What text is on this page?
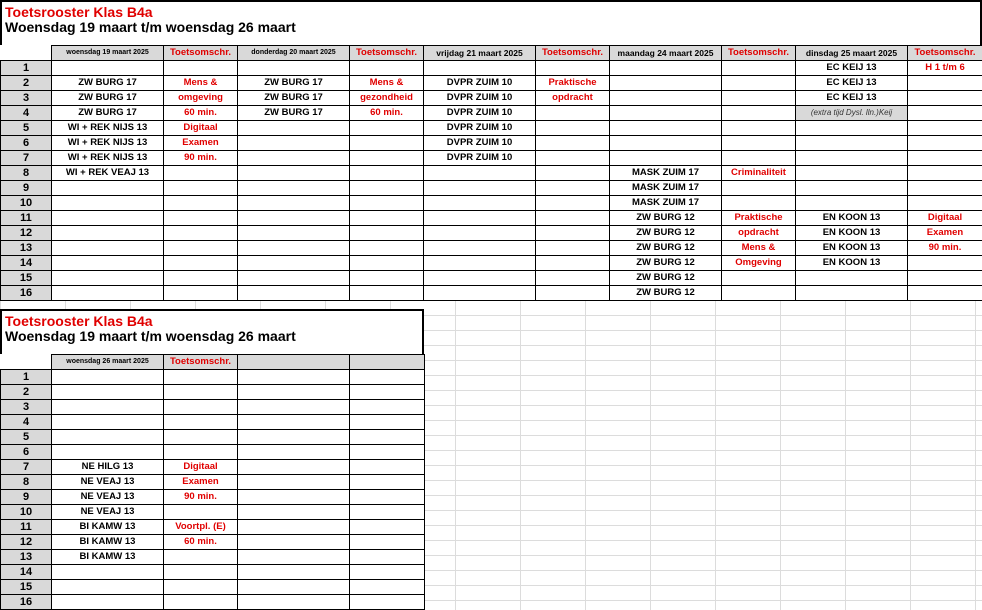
Toetsrooster Klas B4a
Woensdag 19 maart t/m woensdag 26 maart
	woensdag 19 maart 2025	Toetsomschr.	donderdag 20 maart 2025	Toetsomschr.	vrijdag 21 maart 2025	Toetsomschr.	maandag 24 maart 2025	Toetsomschr.	dinsdag 25 maart 2025	Toetsomschr.
1									EC KEIJ 13	H 1 t/m 6
2	ZW BURG 17	Mens &	ZW BURG 17	Mens &	DVPR ZUIM 10	Praktische			EC KEIJ 13	
3	ZW BURG 17	omgeving	ZW BURG 17	gezondheid	DVPR ZUIM 10	opdracht			EC KEIJ 13	
4	ZW BURG 17	60 min.	ZW BURG 17	60 min.	DVPR ZUIM 10				(extra tijd Dysl. lln.)Keij	
5	WI + REK NIJS 13	Digitaal			DVPR ZUIM 10					
6	WI + REK NIJS 13	Examen			DVPR ZUIM 10					
7	WI + REK NIJS 13	90 min.			DVPR ZUIM 10					
8	WI + REK VEAJ 13						MASK ZUIM 17	Criminaliteit		
9							MASK ZUIM 17			
10							MASK ZUIM 17			
11							ZW BURG 12	Praktische	EN KOON 13	Digitaal
12							ZW BURG 12	opdracht	EN KOON 13	Examen
13							ZW BURG 12	Mens &	EN KOON 13	90 min.
14							ZW BURG 12	Omgeving	EN KOON 13	
15							ZW BURG 12			
16							ZW BURG 12			
Toetsrooster Klas B4a
Woensdag 19 maart t/m woensdag 26 maart
	woensdag 26 maart 2025	Toetsomschr.		
1				
2				
3				
4				
5				
6				
7	NE HILG 13	Digitaal		
8	NE VEAJ 13	Examen		
9	NE VEAJ 13	90 min.		
10	NE VEAJ 13			
11	BI KAMW 13	Voortpl. (E)		
12	BI KAMW 13	60 min.		
13	BI KAMW 13			
14				
15				
16				
